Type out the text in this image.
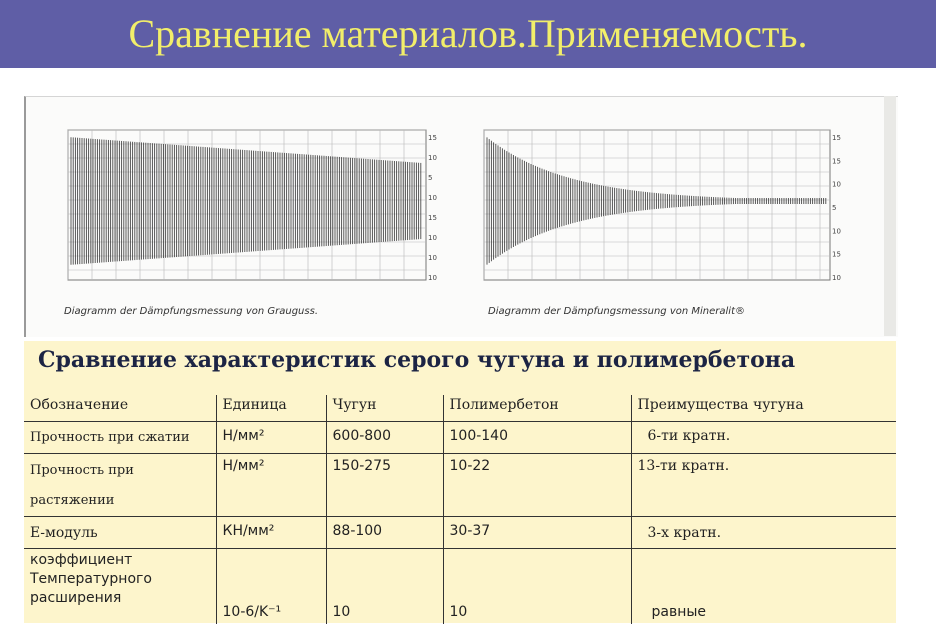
Сравнение материалов.Применяемость.
15
10
5
10
15
10
10
10
Diagramm der Dämpfungsmessung von Grauguss.
15
15
10
5
10
15
10
Diagramm der Dämpfungsmessung von Mineralit®
Сравнение характеристик серого чугуна и полимербетона
Обозначение	Единица	Чугун	Полимербетон	Преимущества чугуна
Прочность при сжатии	Н/мм²	600-800	100-140	6-ти кратн.
Прочность при растяжении	Н/мм²	150-275	10-22	13-ти кратн.
Е-модуль	КН/мм²	88-100	30-37	3-х кратн.
коэффициент Температурного расширения	10-6/K⁻¹	10	10	равные
